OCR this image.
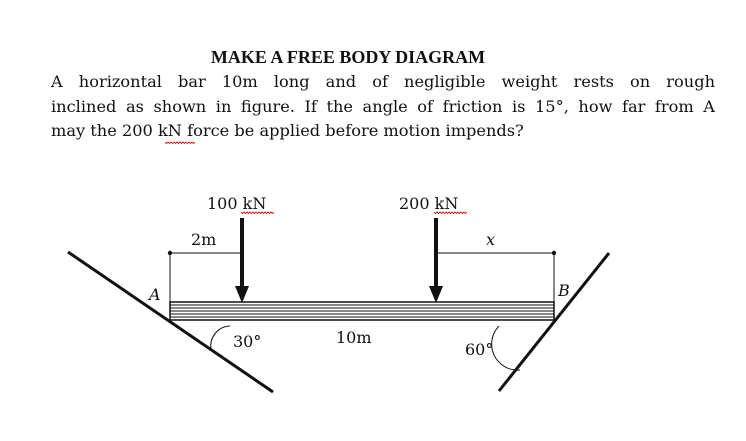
MAKE A FREE BODY DIAGRAM
A horizontal bar 10m long and of negligible weight rests on rough
inclined as shown in figure. If the angle of friction is 15°, how far from A
may the 200 kN force be applied before motion impends?
100 kN	200 kN
2m	x
A	B
10m
30°	60°
